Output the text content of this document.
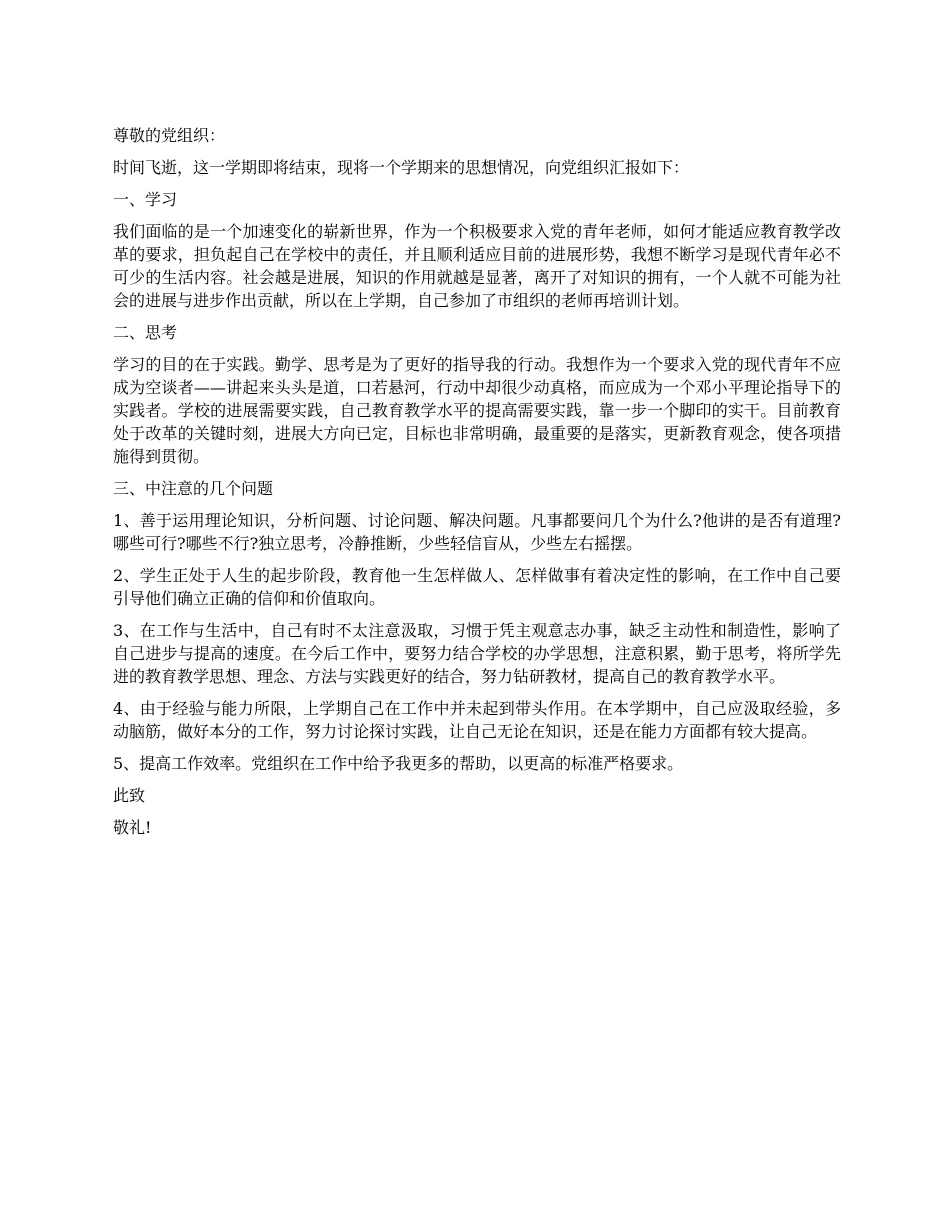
尊敬的党组织：

时间飞逝，这一学期即将结束，现将一个学期来的思想情况，向党组织汇报如下：

一、学习

我们面临的是一个加速变化的崭新世界，作为一个积极要求入党的青年老师，如何才能适应教育教学改革的要求，担负起自己在学校中的责任，并且顺利适应目前的进展形势，我想不断学习是现代青年必不可少的生活内容。社会越是进展，知识的作用就越是显著，离开了对知识的拥有，一个人就不可能为社会的进展与进步作出贡献，所以在上学期，自己参加了市组织的老师再培训计划。

二、思考

学习的目的在于实践。勤学、思考是为了更好的指导我的行动。我想作为一个要求入党的现代青年不应成为空谈者——讲起来头头是道，口若悬河，行动中却很少动真格，而应成为一个邓小平理论指导下的实践者。学校的进展需要实践，自己教育教学水平的提高需要实践，靠一步一个脚印的实干。目前教育处于改革的关键时刻，进展大方向已定，目标也非常明确，最重要的是落实，更新教育观念，使各项措施得到贯彻。

三、中注意的几个问题

1、善于运用理论知识，分析问题、讨论问题、解决问题。凡事都要问几个为什么?他讲的是否有道理?哪些可行?哪些不行?独立思考，冷静推断，少些轻信盲从，少些左右摇摆。

2、学生正处于人生的起步阶段，教育他一生怎样做人、怎样做事有着决定性的影响，在工作中自己要引导他们确立正确的信仰和价值取向。

3、在工作与生活中，自己有时不太注意汲取，习惯于凭主观意志办事，缺乏主动性和制造性，影响了自己进步与提高的速度。在今后工作中，要努力结合学校的办学思想，注意积累，勤于思考，将所学先进的教育教学思想、理念、方法与实践更好的结合，努力钻研教材，提高自己的教育教学水平。

4、由于经验与能力所限，上学期自己在工作中并未起到带头作用。在本学期中，自己应汲取经验，多动脑筋，做好本分的工作，努力讨论探讨实践，让自己无论在知识，还是在能力方面都有较大提高。

5、提高工作效率。党组织在工作中给予我更多的帮助，以更高的标准严格要求。

此致

敬礼!
